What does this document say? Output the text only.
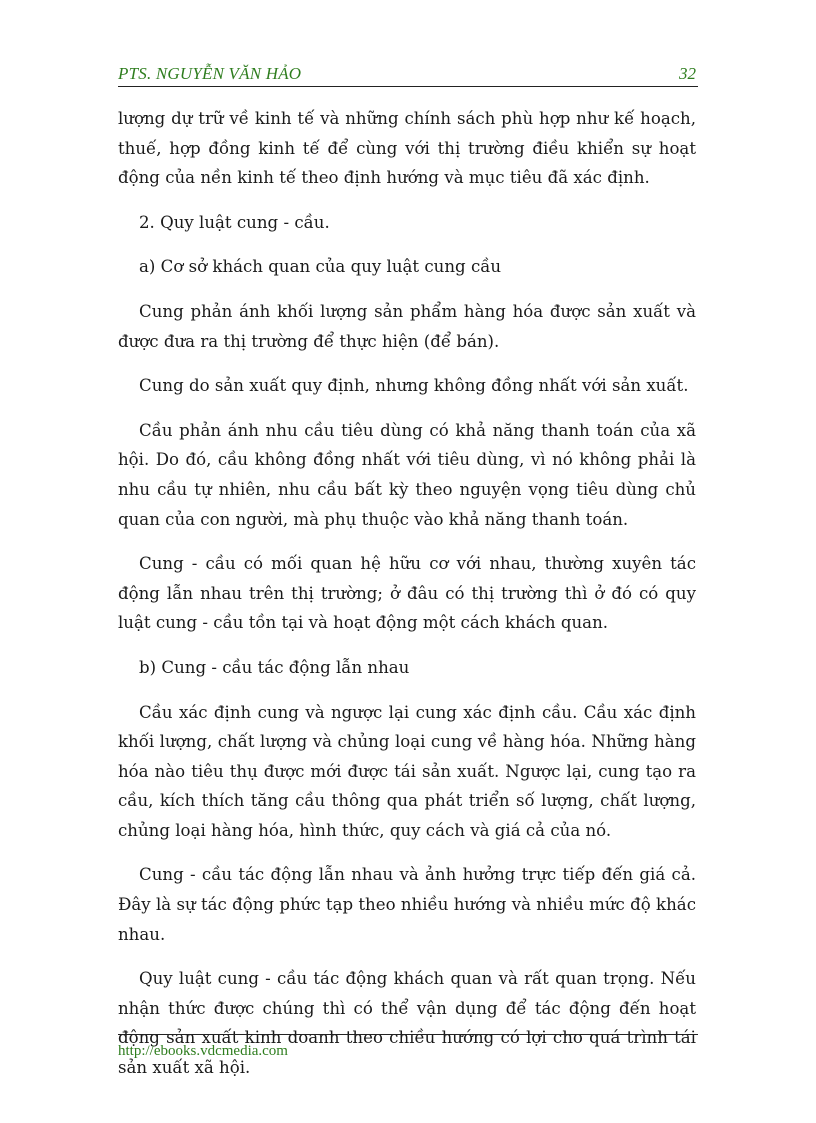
PTS. NGUYỄN VĂN HẢO	32

lượng dự trữ về kinh tế và những chính sách phù hợp như kế hoạch, thuế, hợp đồng kinh tế để cùng với thị trường điều khiển sự hoạt động của nền kinh tế theo định hướng và mục tiêu đã xác định.

2. Quy luật cung - cầu.

a) Cơ sở khách quan của quy luật cung cầu

Cung phản ánh khối lượng sản phẩm hàng hóa được sản xuất và được đưa ra thị trường để thực hiện (để bán).

Cung do sản xuất quy định, nhưng không đồng nhất với sản xuất.

Cầu phản ánh nhu cầu tiêu dùng có khả năng thanh toán của xã hội. Do đó, cầu không đồng nhất với tiêu dùng, vì nó không phải là nhu cầu tự nhiên, nhu cầu bất kỳ theo nguyện vọng tiêu dùng chủ quan của con người, mà phụ thuộc vào khả năng thanh toán.

Cung - cầu có mối quan hệ hữu cơ với nhau, thường xuyên tác động lẫn nhau trên thị trường; ở đâu có thị trường thì ở đó có quy luật cung - cầu tồn tại và hoạt động một cách khách quan.

b) Cung - cầu tác động lẫn nhau

Cầu xác định cung và ngược lại cung xác định cầu. Cầu xác định khối lượng, chất lượng và chủng loại cung về hàng hóa. Những hàng hóa nào tiêu thụ được mới được tái sản xuất. Ngược lại, cung tạo ra cầu, kích thích tăng cầu thông qua phát triển số lượng, chất lượng, chủng loại hàng hóa, hình thức, quy cách và giá cả của nó.

Cung - cầu tác động lẫn nhau và ảnh hưởng trực tiếp đến giá cả. Đây là sự tác động phức tạp theo nhiều hướng và nhiều mức độ khác nhau.

Quy luật cung - cầu tác động khách quan và rất quan trọng. Nếu nhận thức được chúng thì có thể vận dụng để tác động đến hoạt động sản xuất kinh doanh theo chiều hướng có lợi cho quá trình tái sản xuất xã hội.

http://ebooks.vdcmedia.com
